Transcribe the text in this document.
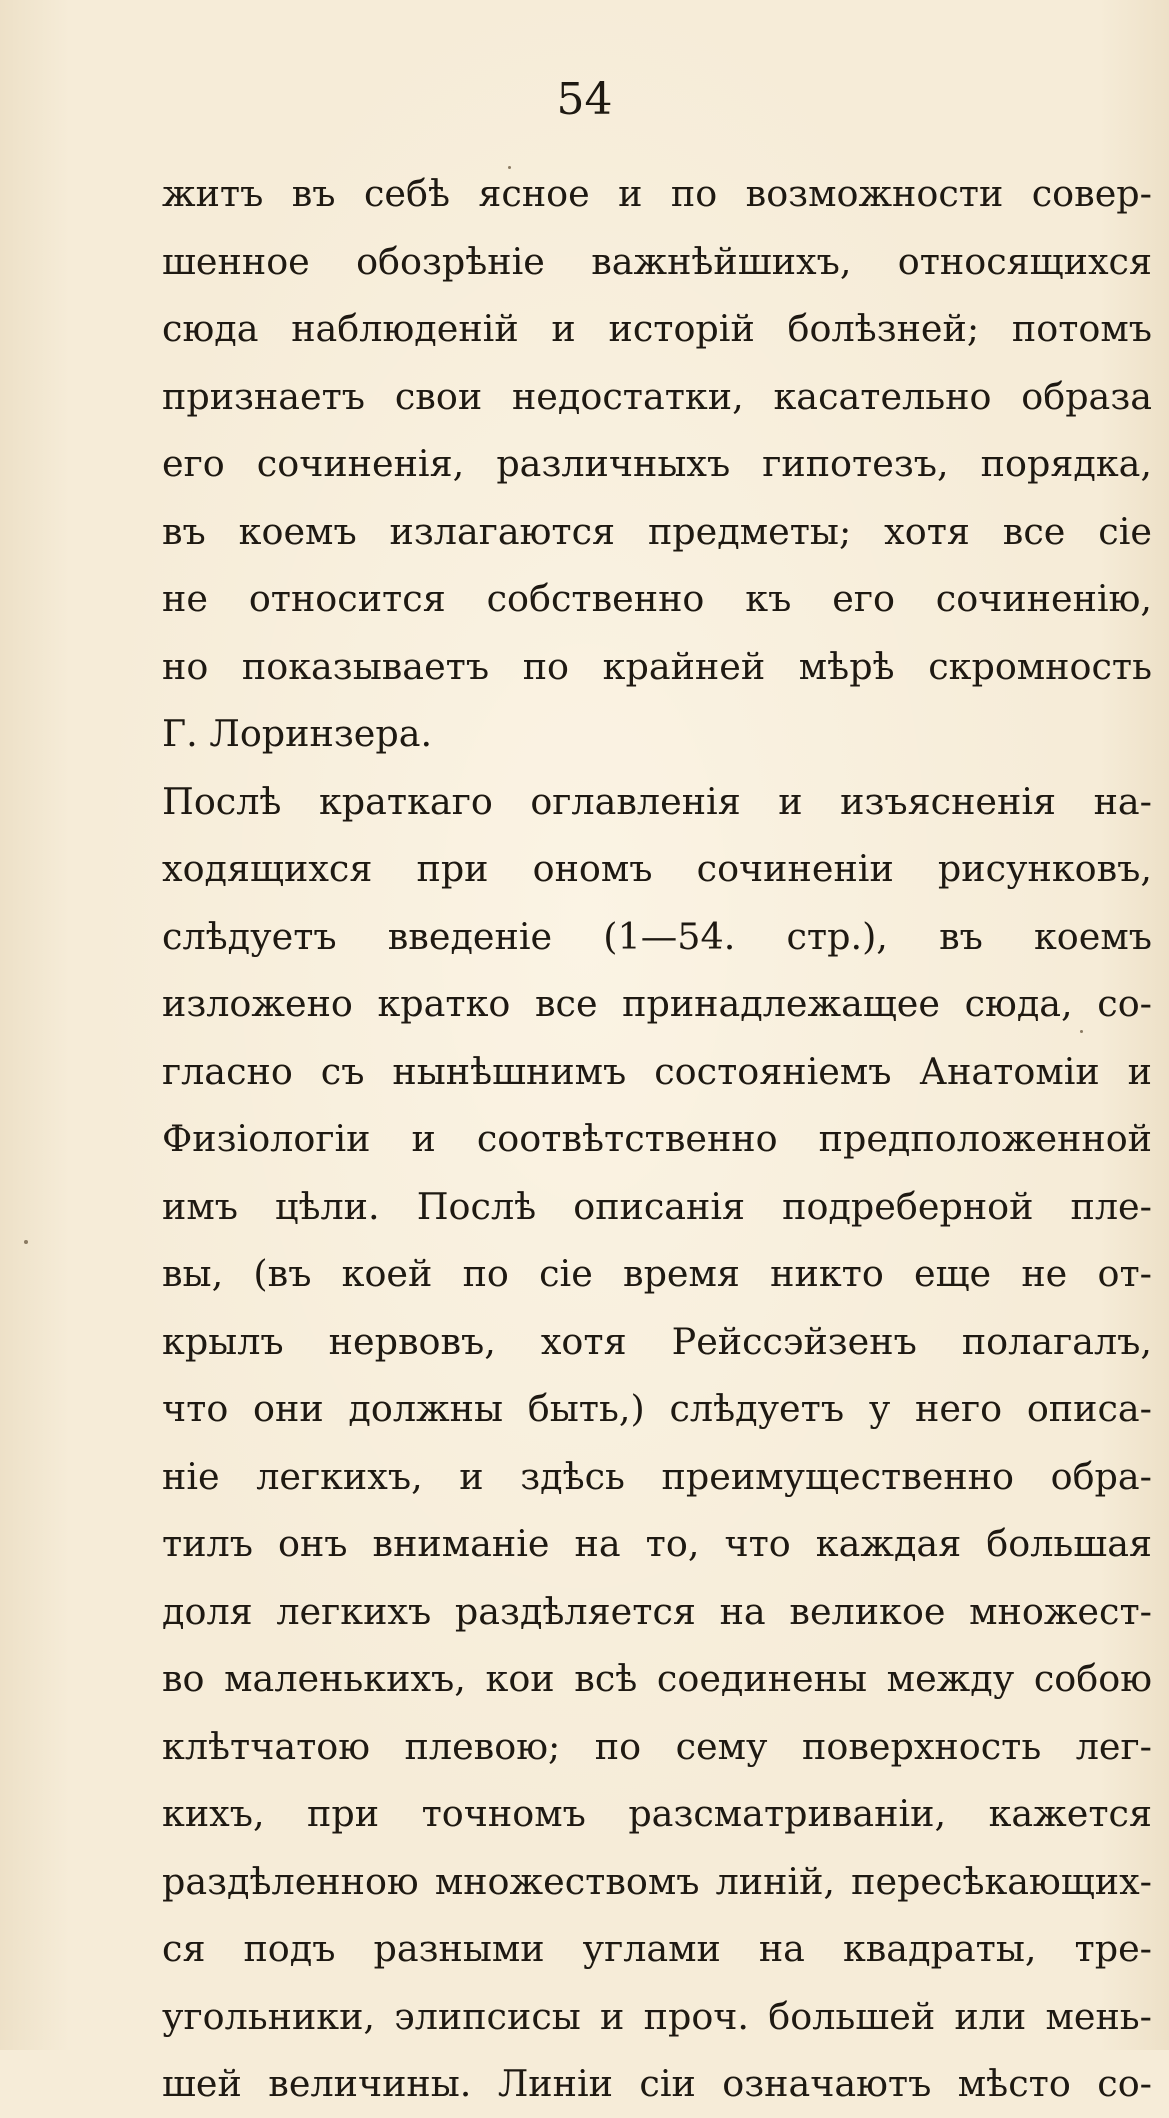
54
житъ въ себѣ ясное и по возможности совер-
шенное обозрѣніе важнѣйшихъ, относящихся
сюда наблюденій и исторій болѣзней; потомъ
признаетъ свои недостатки, касательно образа
его сочиненія, различныхъ гипотезъ, порядка,
въ коемъ излагаются предметы; хотя все сіе
не относится собственно къ его сочиненію,
но показываетъ по крайней мѣрѣ скромность
Г. Лоринзера.
Послѣ краткаго оглавленія и изъясненія на-
ходящихся при ономъ сочиненіи рисунковъ,
слѣдуетъ введеніе (1—54. стр.), въ коемъ
изложено кратко все принадлежащее сюда, со-
гласно съ нынѣшнимъ состояніемъ Анатоміи и
Физіологіи и соотвѣтственно предположенной
имъ цѣли. Послѣ описанія подреберной пле-
вы, (въ коей по сіе время никто еще не от-
крылъ нервовъ, хотя Рейссэйзенъ полагалъ,
что они должны быть,) слѣдуетъ у него описа-
ніе легкихъ, и здѣсь преимущественно обра-
тилъ онъ вниманіе на то, что каждая большая
доля легкихъ раздѣляется на великое множест-
во маленькихъ, кои всѣ соединены между собою
клѣтчатою плевою; по сему поверхность лег-
кихъ, при точномъ разсматриваніи, кажется
раздѣленною множествомъ линій, пересѣкающих-
ся подъ разными углами на квадраты, тре-
угольники, элипсисы и проч. большей или мень-
шей величины. Линіи сіи означаютъ мѣсто со-
